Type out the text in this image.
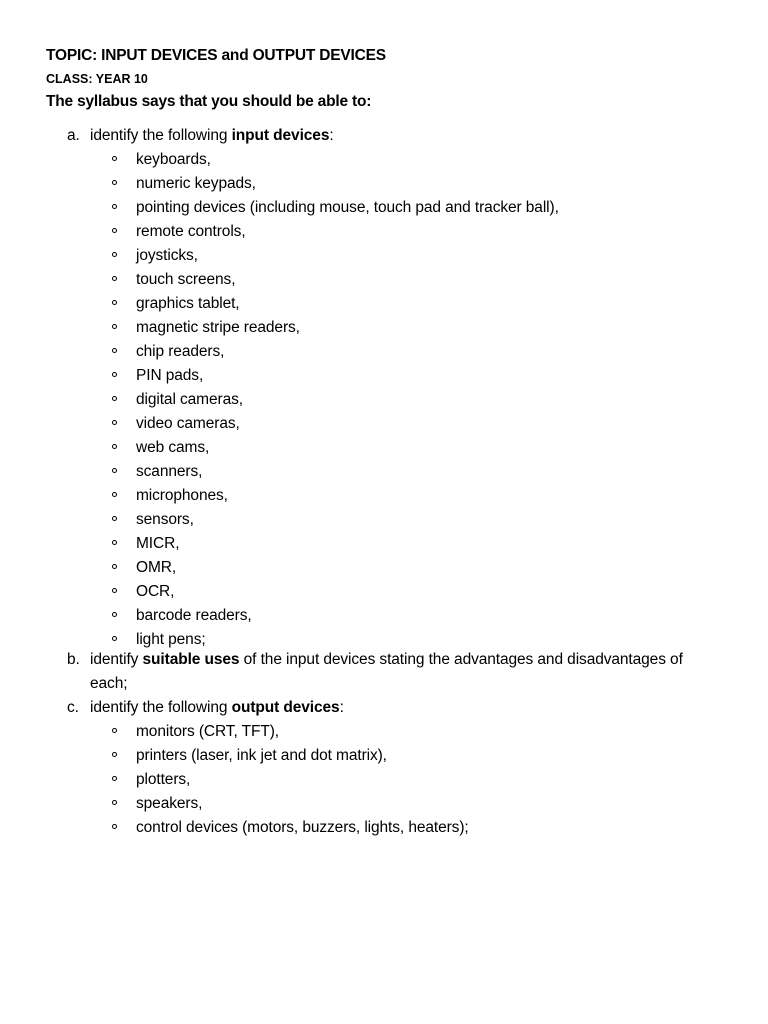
TOPIC: INPUT DEVICES and OUTPUT DEVICES
CLASS: YEAR 10
The syllabus says that you should be able to:
a. identify the following input devices:
keyboards,
numeric keypads,
pointing devices (including mouse, touch pad and tracker ball),
remote controls,
joysticks,
touch screens,
graphics tablet,
magnetic stripe readers,
chip readers,
PIN pads,
digital cameras,
video cameras,
web cams,
scanners,
microphones,
sensors,
MICR,
OMR,
OCR,
barcode readers,
light pens;
b. identify suitable uses of the input devices stating the advantages and disadvantages of
each;
c. identify the following output devices:
monitors (CRT, TFT),
printers (laser, ink jet and dot matrix),
plotters,
speakers,
control devices (motors, buzzers, lights, heaters);
